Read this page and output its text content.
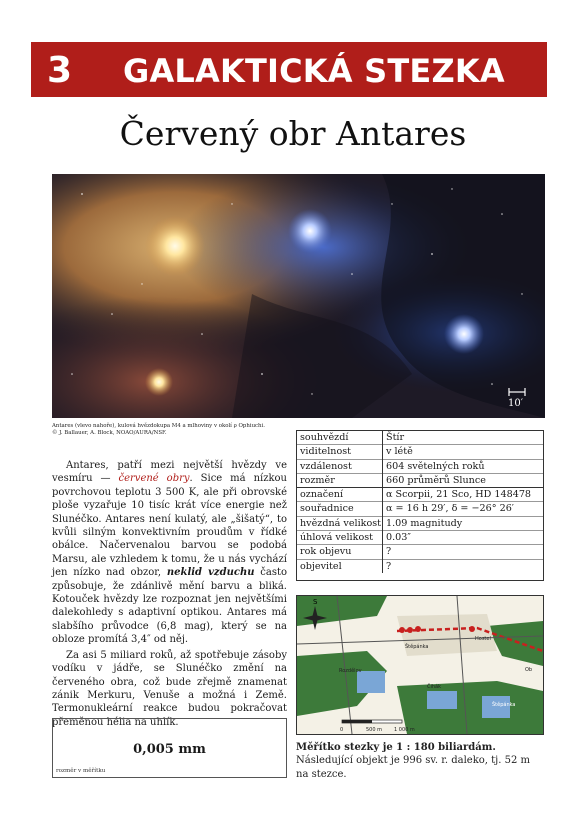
3 GALAKTICKÁ STEZKA
Červený obr Antares
10′
Antares (vlevo nahoře), kulová hvězdokupa M4 a mlhoviny v okolí ρ Ophiuchi.
© J. Ballauer, A. Block, NOAO/AURA/NSF.

Antares, patří mezi největší hvězdy ve vesmíru — červené obry. Sice má nízkou povrchovou teplotu 3 500 K, ale při obrovské ploše vyzařuje 10 tisíc krát více energie než Slunéčko. Antares není kulatý, ale „šišatý“, to kvůli silným konvektivním proudům v řídké obálce. Načervenalou barvou se podobá Marsu, ale vzhledem k tomu, že u nás vychází jen nízko nad obzor, neklid vzduchu často způsobuje, že zdánlivě mění barvu a bliká. Kotouček hvězdy lze rozpoznat jen největšími dalekohledy s adaptivní optikou. Antares má slabšího průvodce (6,8 mag), který se na obloze promítá 3,4″ od něj.

Za asi 5 miliard roků, až spotřebuje zásoby vodíku v jádře, se Slunéčko změní na červeného obra, což bude zřejmě znamenat zánik Merkuru, Venuše a možná i Země. Termonukleární reakce budou pokračovat přeměnou hélia na uhlík.

souhvězdí	Štír
viditelnost	v létě
vzdálenost	604 světelných roků
rozměr	660 průměrů Slunce
označení	α Scorpii, 21 Sco, HD 148478
souřadnice	α = 16 h 29′, δ = −26° 26′
hvězdná velikost	1.09 magnitudy
úhlová velikost	0.03″
rok objevu	?
objevitel	?
S
Hostel
Rozdělov
Čihák
Štěpánka
Štěpánka
Ob
0	500 m 1 000 m
Měřítko stezky je 1 : 180 biliardám. Následující objekt je 996 sv. r. daleko, tj. 52 m na stezce.
0,005 mm
rozměr v měřítku
